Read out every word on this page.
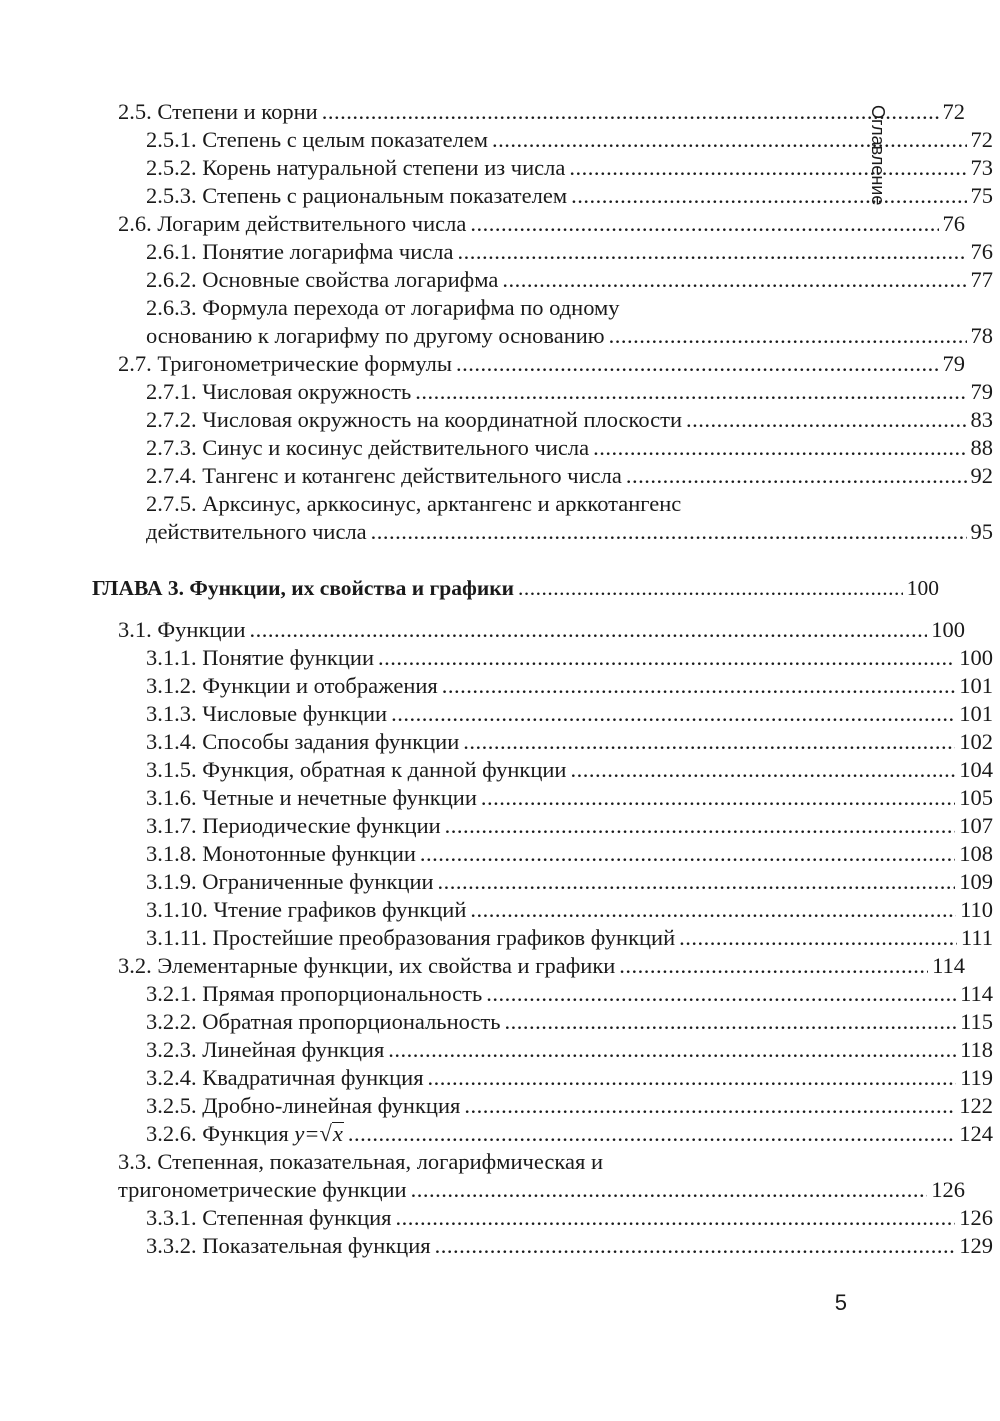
2.5. Степени и корни .....	72
2.5.1. Степень с целым показателем .....	72
2.5.2. Корень натуральной степени из числа .....	73
2.5.3. Степень с рациональным показателем .....	75
2.6. Логарим действительного числа .....	76
2.6.1. Понятие логарифма числа .....	76
2.6.2. Основные свойства логарифма .....	77
2.6.3. Формула перехода от логарифма по одному
основанию к логарифму по другому основанию .....	78
2.7. Тригонометрические формулы .....	79
2.7.1. Числовая окружность .....	79
2.7.2. Числовая окружность на координатной плоскости .....	83
2.7.3. Синус и косинус действительного числа .....	88
2.7.4. Тангенс и котангенс действительного числа .....	92
2.7.5. Арксинус, арккосинус, арктангенс и арккотангенс
действительного числа .....	95
ГЛАВА 3. Функции, их свойства и графики .....	100
3.1. Функции .....	100
3.1.1. Понятие функции .....	100
3.1.2. Функции и отображения .....	101
3.1.3. Числовые функции .....	101
3.1.4. Способы задания функции .....	102
3.1.5. Функция, обратная к данной функции .....	104
3.1.6. Четные и нечетные функции .....	105
3.1.7. Периодические функции .....	107
3.1.8. Монотонные функции .....	108
3.1.9. Ограниченные функции .....	109
3.1.10. Чтение графиков функций .....	110
3.1.11. Простейшие преобразования графиков функций .....	111
3.2. Элементарные функции, их свойства и графики .....	114
3.2.1. Прямая пропорциональность .....	114
3.2.2. Обратная пропорциональность .....	115
3.2.3. Линейная функция .....	118
3.2.4. Квадратичная функция .....	119
3.2.5. Дробно-линейная функция .....	122
3.2.6. Функция y=√x .....	124
3.3. Степенная, показательная, логарифмическая и
тригонометрические функции .....	126
3.3.1. Степенная функция .....	126
3.3.2. Показательная функция .....	129
Оглавление
5
